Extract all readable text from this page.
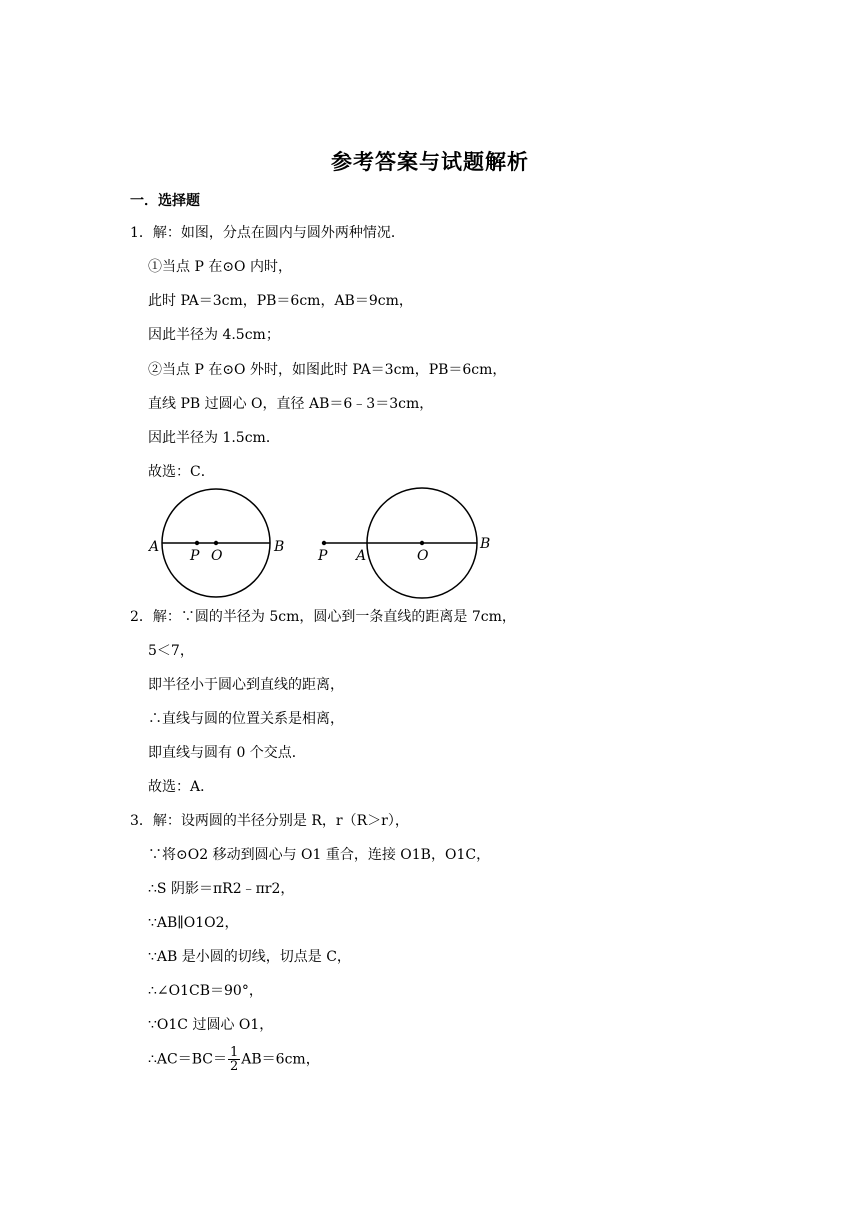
参考答案与试题解析
一．选择题
1．解：如图，分点在圆内与圆外两种情况．
①当点 P 在⊙O 内时，
此时 PA＝3cm，PB＝6cm，AB＝9cm，
因此半径为 4.5cm；
②当点 P 在⊙O 外时，如图此时 PA＝3cm，PB＝6cm，
直线 PB 过圆心 O，直径 AB＝6﹣3＝3cm，
因此半径为 1.5cm．
故选：C．
A
P O
B
P A	O
B
2．解：∵圆的半径为 5cm，圆心到一条直线的距离是 7cm，
5＜7，
即半径小于圆心到直线的距离，
∴直线与圆的位置关系是相离，
即直线与圆有 0 个交点．
故选：A．
3．解：设两圆的半径分别是 R，r（R＞r），
∵将⊙O2 移动到圆心与 O1 重合，连接 O1B，O1C，
∴S 阴影＝πR2﹣πr2，
∵AB∥O1O2，
∵AB 是小圆的切线，切点是 C，
∴∠O1CB＝90°，
∵O1C 过圆心 O1，
∴AC＝BC＝ $\frac{1}{2} AB=6cm$，
